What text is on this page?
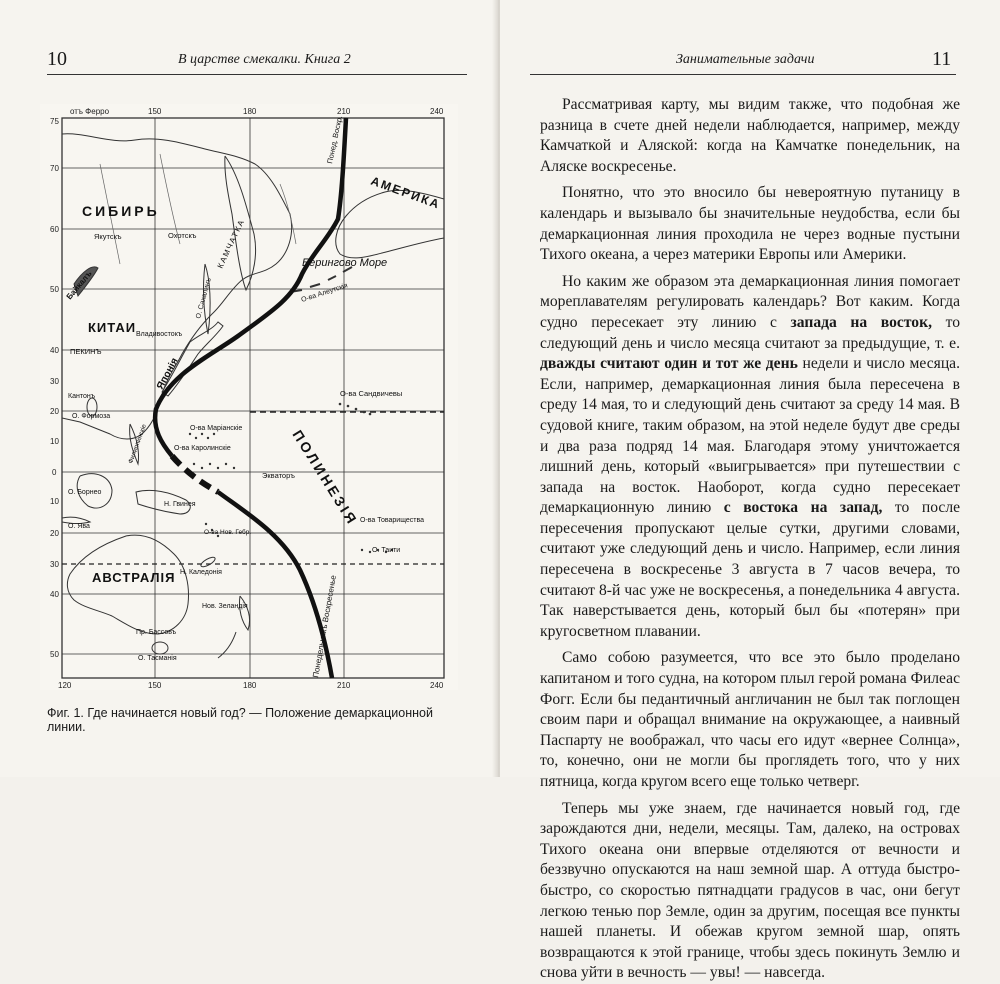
10	В царстве смекалки. Книга 2
отъ Ферро	150	180	210	240
120	150	180	210	240
75
70
60
50
40
30
20
10
0
10
20
30
40
50
СИБИРЬ
КИТАИ
АМЕРИКА
АВСТРАЛІЯ
ПОЛИНЕЗІЯ
КАМЧАТКА
Японія
Берингово Море
О-ва Алеутскія
Якутскъ	Охотскъ
О. Сахалинъ
Байкалъ
Владивостокъ
ПЕКИНЪ
Кантонъ
О. Формоза
Филиппинскіе
О-ва Сандвичевы
О-ва Маріанскіе
О-ва Каролинскіе
Экваторъ
О. Борнео
О. Ява
Н. Гвинея
О-ва Нов. Гебр.
О-ва Товарищества
О. Таити
Н. Каледонія
Нов. Зеландія
Пр. Бассовъ
О. Тасманія
Понед. Воскр.
Понедельникъ Воскресенье
Фиг. 1. Где начинается новый год? — Положение демаркационной линии.
Занимательные задачи	11

Рассматривая карту, мы видим также, что подобная же разница в счете дней недели наблюдается, например, между Камчаткой и Аляской: когда на Камчатке понедельник, на Аляске воскресенье.

Понятно, что это вносило бы невероятную путаницу в календарь и вызывало бы значительные неудобства, если бы демаркационная линия проходила не через водные пустыни Тихого океана, а через материки Европы или Америки.

Но каким же образом эта демаркационная линия помогает мореплавателям регулировать календарь? Вот каким. Когда судно пересекает эту линию с запада на восток, то следующий день и число месяца считают за предыдущие, т. е. дважды считают один и тот же день недели и число месяца. Если, например, демаркационная линия была пересечена в среду 14 мая, то и следующий день считают за среду 14 мая. В судовой книге, таким образом, на этой неделе будут две среды и два раза подряд 14 мая. Благодаря этому уничтожается лишний день, который «выигрывается» при путешествии с запада на восток. Наоборот, когда судно пересекает демаркационную линию с востока на запад, то после пересечения пропускают целые сутки, другими словами, считают уже следующий день и число. Например, если линия пересечена в воскресенье 3 августа в 7 часов вечера, то считают 8-й час уже не воскресенья, а понедельника 4 августа. Так наверстывается день, который был бы «потерян» при кругосветном плавании.

Само собою разумеется, что все это было проделано капитаном и того судна, на котором плыл герой романа Филеас Фогг. Если бы педантичный англичанин не был так поглощен своим пари и обращал внимание на окружающее, а наивный Паспарту не воображал, что часы его идут «вернее Солнца», то, конечно, они не могли бы проглядеть того, что у них пятница, когда кругом всего еще только четверг.

Теперь мы уже знаем, где начинается новый год, где зарождаются дни, недели, месяцы. Там, далеко, на островах Тихого океана они впервые отделяются от вечности и беззвучно опускаются на наш земной шар. А оттуда быстро-быстро, со скоростью пятнадцати градусов в час, они бегут легкою тенью пор Земле, один за другим, посещая все пункты нашей планеты. И обежав кругом земной шар, опять возвращаются к этой границе, чтобы здесь покинуть Землю и снова уйти в вечность — увы! — навсегда.
